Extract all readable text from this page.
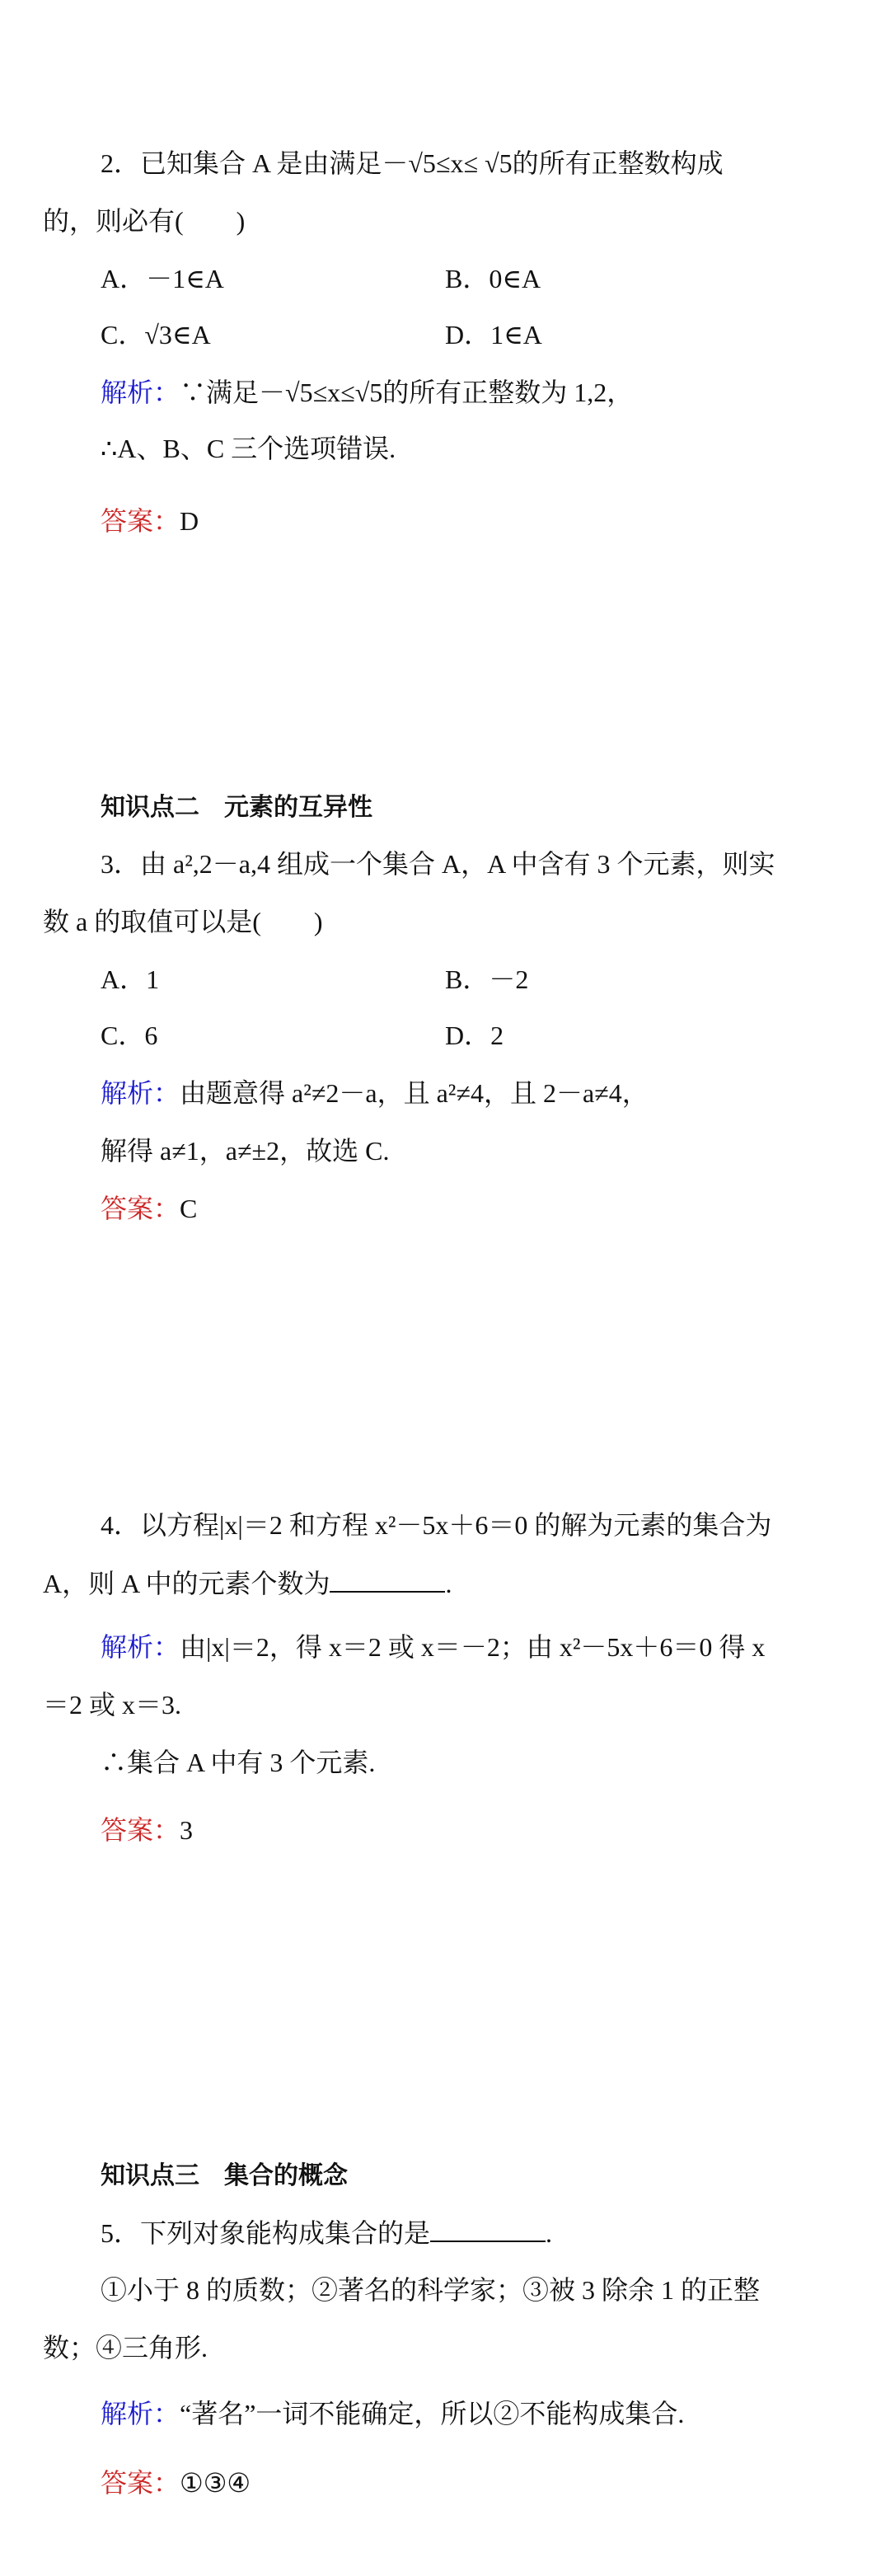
2．已知集合 A 是由满足－√5≤x≤ √5的所有正整数构成
的，则必有(　　)
A．－1∈A	B．0∈A
C．√3∈A	D．1∈A
解析：∵满足－√5≤x≤√5的所有正整数为 1,2，
∴A、B、C 三个选项错误.
答案：D
知识点二　元素的互异性
3．由 a²,2－a,4 组成一个集合 A，A 中含有 3 个元素，则实
数 a 的取值可以是(　　)
A．1	B．－2
C．6	D．2
解析：由题意得 a²≠2－a，且 a²≠4，且 2－a≠4，
解得 a≠1，a≠±2，故选 C.
答案：C
4．以方程|x|＝2 和方程 x²－5x＋6＝0 的解为元素的集合为
A，则 A 中的元素个数为	.
解析：由|x|＝2，得 x＝2 或 x＝－2；由 x²－5x＋6＝0 得 x
＝2 或 x＝3.
∴集合 A 中有 3 个元素.
答案：3
知识点三　集合的概念
5．下列对象能构成集合的是	.
①小于 8 的质数；②著名的科学家；③被 3 除余 1 的正整
数；④三角形.
解析：“著名”一词不能确定，所以②不能构成集合.
答案：①③④
